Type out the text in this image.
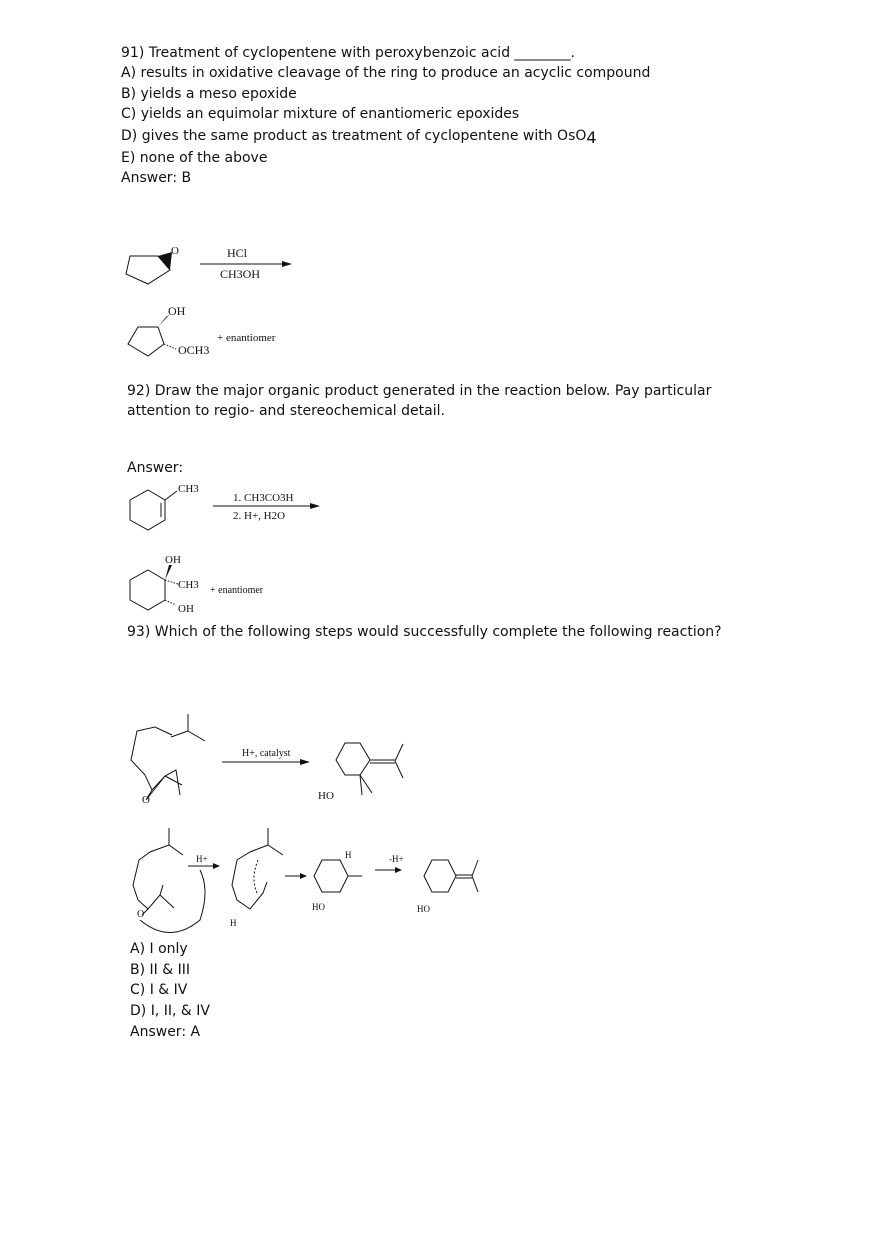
91) Treatment of cyclopentene with peroxybenzoic acid ________.
A) results in oxidative cleavage of the ring to produce an acyclic compound
B) yields a meso epoxide
C) yields an equimolar mixture of enantiomeric epoxides
D) gives the same product as treatment of cyclopentene with OsO4
E) none of the above
Answer: B
O	HCl
CH3OH
OH
OCH3
+ enantiomer
92) Draw the major organic product generated in the reaction below. Pay particular
attention to regio- and stereochemical detail.
Answer:
CH3
1. CH3CO3H
2. H+, H2O
OH
CH3
OH
+ enantiomer
93) Which of the following steps would successfully complete the following reaction?
O
H+, catalyst
HO
O
H+
H
H
HO
-H+
HO
A) I only
B) II & III
C) I & IV
D) I, II, & IV
Answer: A
